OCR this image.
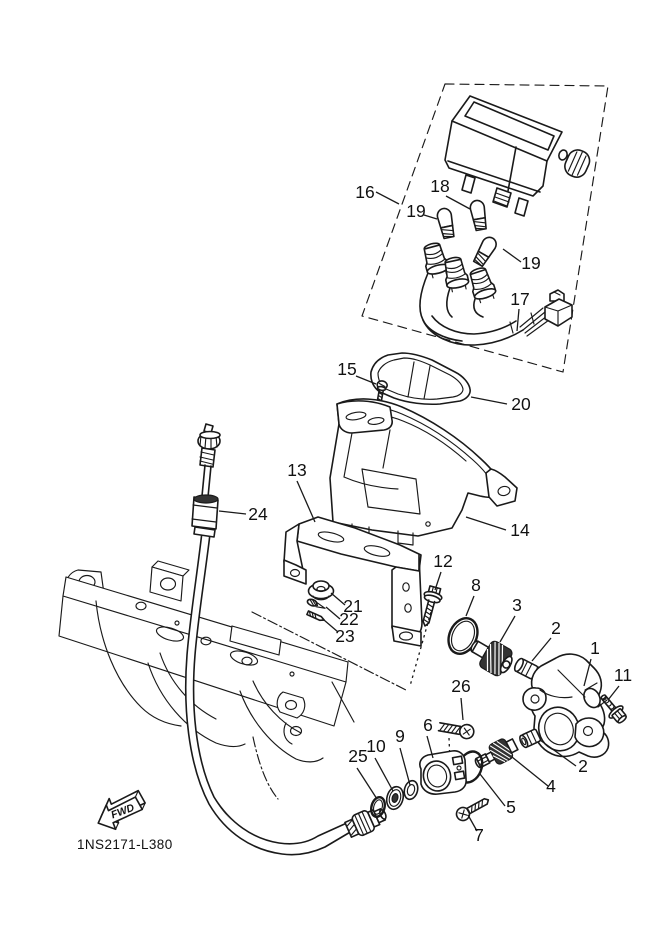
FWD
16	18
19
19
17
15
20
13
24
14
12
8
3
2
1
11
21
22
23
26
6
9
10
25	2
4
5
7
1NS2171-L380
